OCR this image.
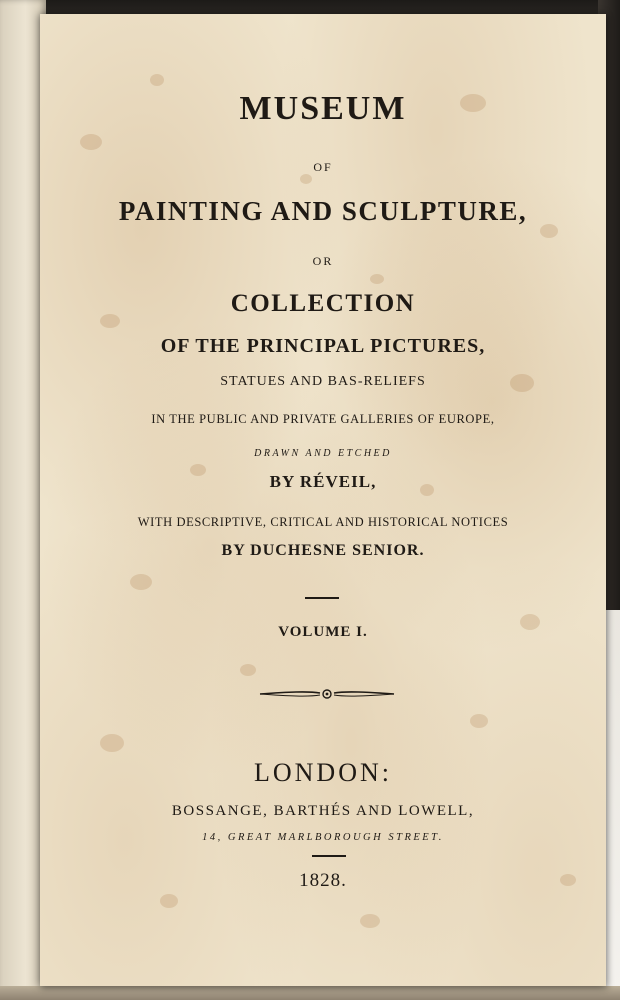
MUSEUM

OF

PAINTING AND SCULPTURE,

OR

COLLECTION

OF THE PRINCIPAL PICTURES,

STATUES AND BAS-RELIEFS

IN THE PUBLIC AND PRIVATE GALLERIES OF EUROPE,

DRAWN AND ETCHED

BY RÉVEIL,

WITH DESCRIPTIVE, CRITICAL AND HISTORICAL NOTICES

BY DUCHESNE SENIOR.

VOLUME I.

LONDON:

BOSSANGE, BARTHÉS AND LOWELL,

14, GREAT MARLBOROUGH STREET.

1828.
